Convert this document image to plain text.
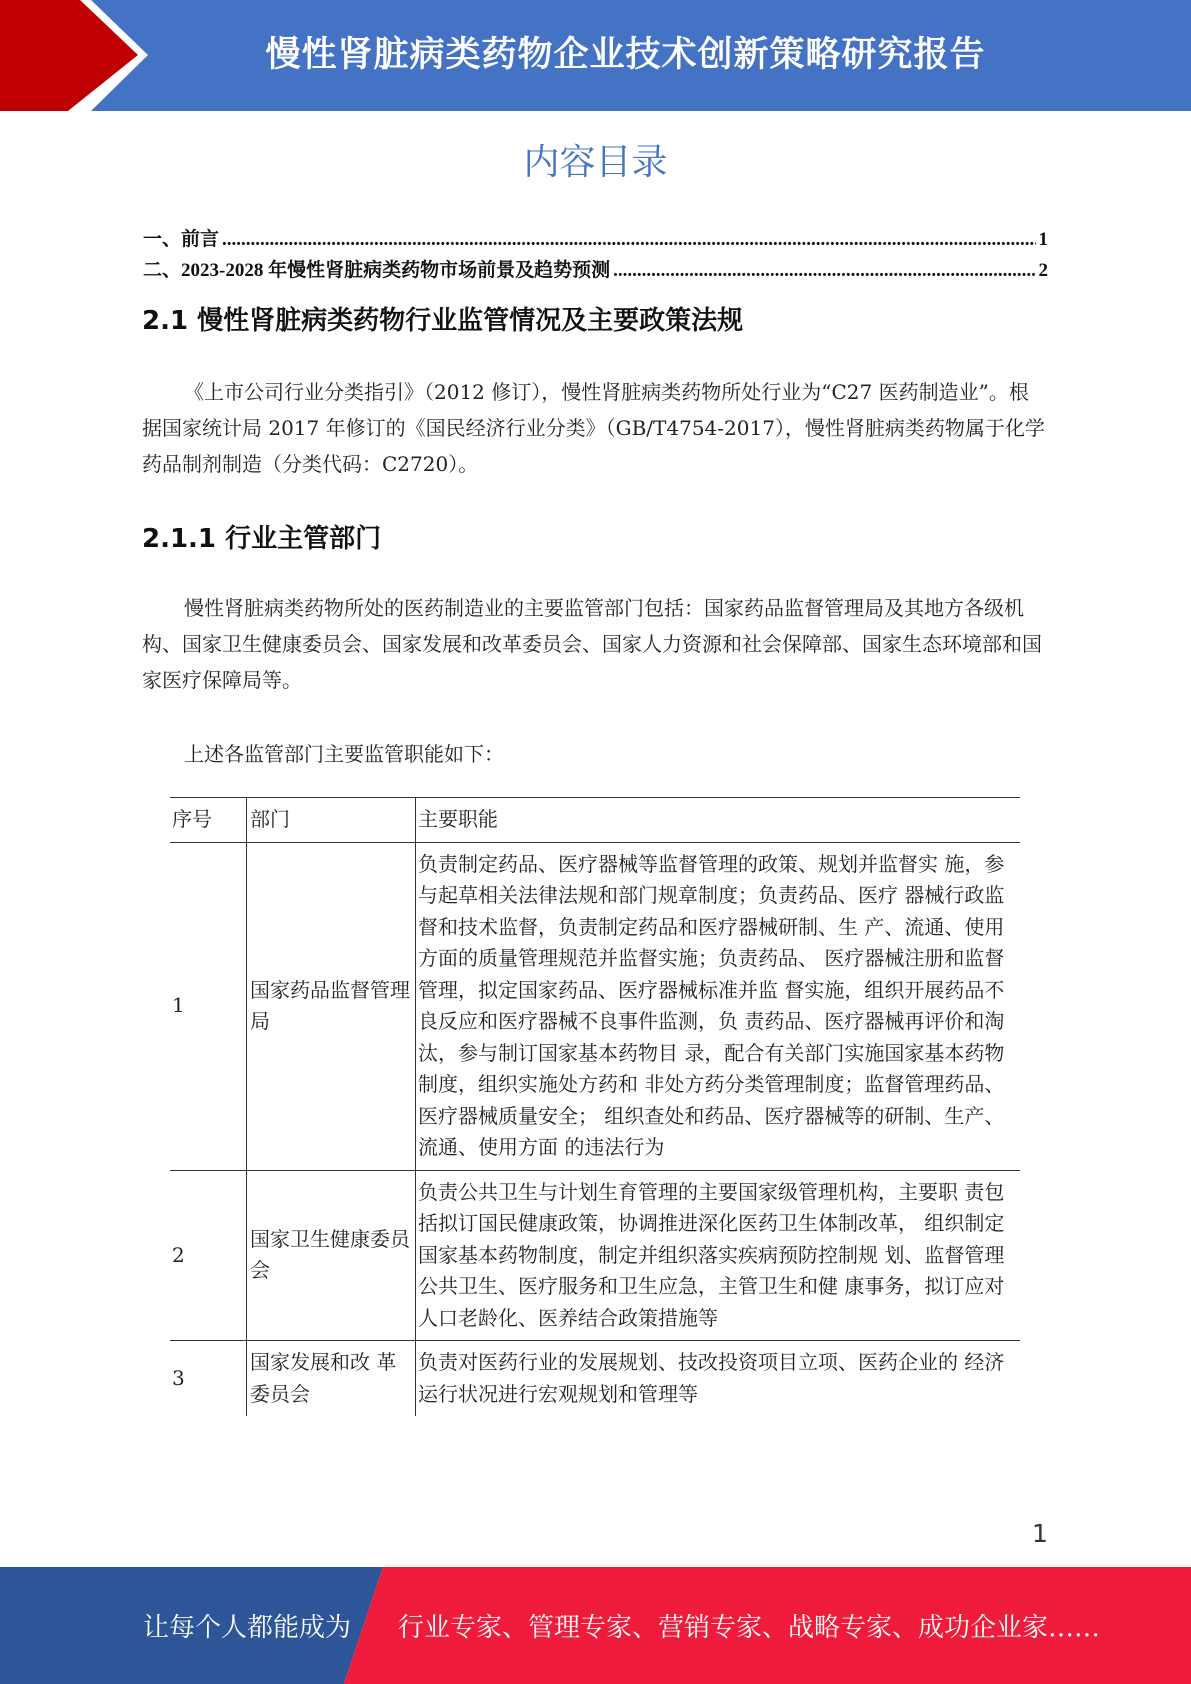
慢性肾脏病类药物企业技术创新策略研究报告
内容目录
一、前言 .....	1
二、2023-2028 年慢性肾脏病类药物市场前景及趋势预测 .....	2
2.1 慢性肾脏病类药物行业监管情况及主要政策法规
《上市公司行业分类指引》（2012 修订），慢性肾脏病类药物所处行业为“C27 医药制造业”。根据国家统计局 2017 年修订的《国民经济行业分类》（GB/T4754-2017），慢性肾脏病类药物属于化学药品制剂制造（分类代码：C2720）。
2.1.1 行业主管部门
慢性肾脏病类药物所处的医药制造业的主要监管部门包括：国家药品监督管理局及其地方各级机构、国家卫生健康委员会、国家发展和改革委员会、国家人力资源和社会保障部、国家生态环境部和国家医疗保障局等。
上述各监管部门主要监管职能如下：
序号	部门	主要职能
1	国家药品监督管理局	负责制定药品、医疗器械等监督管理的政策、规划并监督实 施，参与起草相关法律法规和部门规章制度；负责药品、医疗 器械行政监督和技术监督，负责制定药品和医疗器械研制、生 产、流通、使用方面的质量管理规范并监督实施；负责药品、 医疗器械注册和监督管理，拟定国家药品、医疗器械标准并监 督实施，组织开展药品不良反应和医疗器械不良事件监测，负 责药品、医疗器械再评价和淘汰，参与制订国家基本药物目 录，配合有关部门实施国家基本药物制度，组织实施处方药和 非处方药分类管理制度；监督管理药品、医疗器械质量安全； 组织查处和药品、医疗器械等的研制、生产、流通、使用方面 的违法行为
2	国家卫生健康委员会	负责公共卫生与计划生育管理的主要国家级管理机构，主要职 责包括拟订国民健康政策，协调推进深化医药卫生体制改革， 组织制定国家基本药物制度，制定并组织落实疾病预防控制规 划、监督管理公共卫生、医疗服务和卫生应急，主管卫生和健 康事务，拟订应对人口老龄化、医养结合政策措施等
3	国家发展和改 革委员会	负责对医药行业的发展规划、技改投资项目立项、医药企业的 经济运行状况进行宏观规划和管理等
1
让每个人都能成为 行业专家、管理专家、营销专家、战略专家、成功企业家……
